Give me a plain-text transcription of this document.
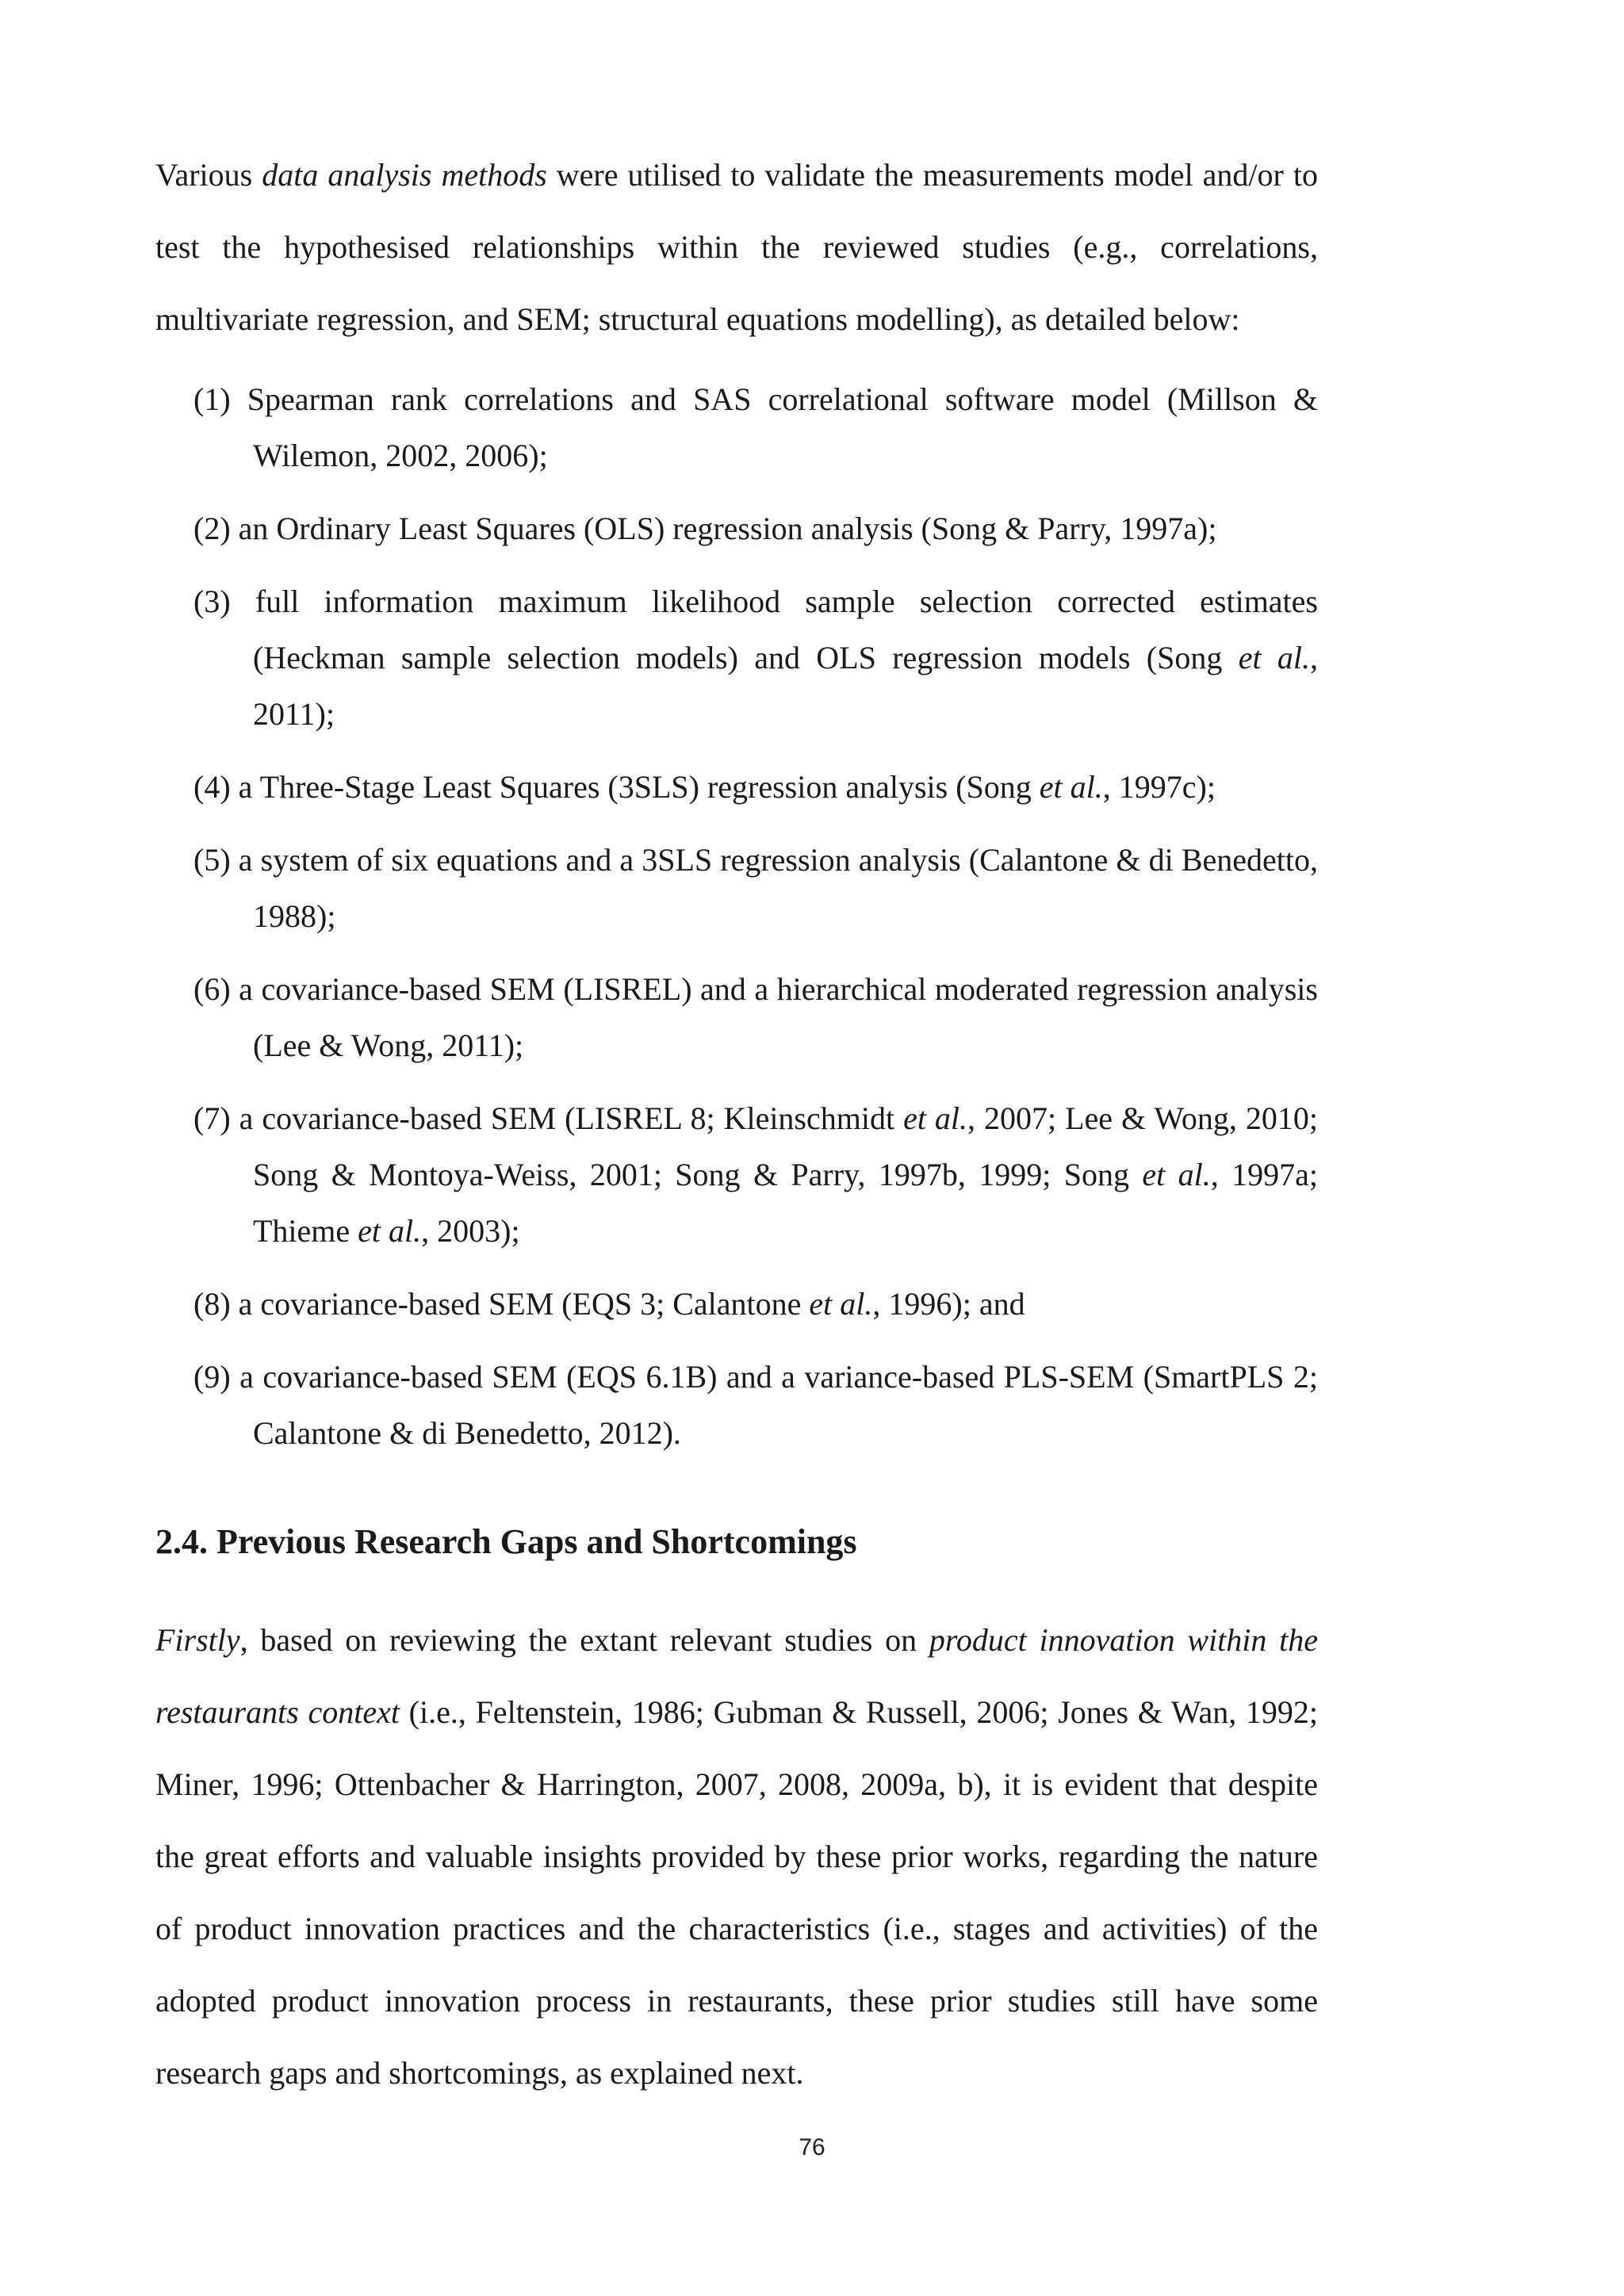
Various data analysis methods were utilised to validate the measurements model and/or to test the hypothesised relationships within the reviewed studies (e.g., correlations, multivariate regression, and SEM; structural equations modelling), as detailed below:

(1) Spearman rank correlations and SAS correlational software model (Millson & Wilemon, 2002, 2006);
(2) an Ordinary Least Squares (OLS) regression analysis (Song & Parry, 1997a);
(3) full information maximum likelihood sample selection corrected estimates (Heckman sample selection models) and OLS regression models (Song et al., 2011);
(4) a Three-Stage Least Squares (3SLS) regression analysis (Song et al., 1997c);
(5) a system of six equations and a 3SLS regression analysis (Calantone & di Benedetto, 1988);
(6) a covariance-based SEM (LISREL) and a hierarchical moderated regression analysis (Lee & Wong, 2011);
(7) a covariance-based SEM (LISREL 8; Kleinschmidt et al., 2007; Lee & Wong, 2010; Song & Montoya-Weiss, 2001; Song & Parry, 1997b, 1999; Song et al., 1997a; Thieme et al., 2003);
(8) a covariance-based SEM (EQS 3; Calantone et al., 1996); and
(9) a covariance-based SEM (EQS 6.1B) and a variance-based PLS-SEM (SmartPLS 2; Calantone & di Benedetto, 2012).
2.4. Previous Research Gaps and Shortcomings

Firstly, based on reviewing the extant relevant studies on product innovation within the restaurants context (i.e., Feltenstein, 1986; Gubman & Russell, 2006; Jones & Wan, 1992; Miner, 1996; Ottenbacher & Harrington, 2007, 2008, 2009a, b), it is evident that despite the great efforts and valuable insights provided by these prior works, regarding the nature of product innovation practices and the characteristics (i.e., stages and activities) of the adopted product innovation process in restaurants, these prior studies still have some research gaps and shortcomings, as explained next.

76
